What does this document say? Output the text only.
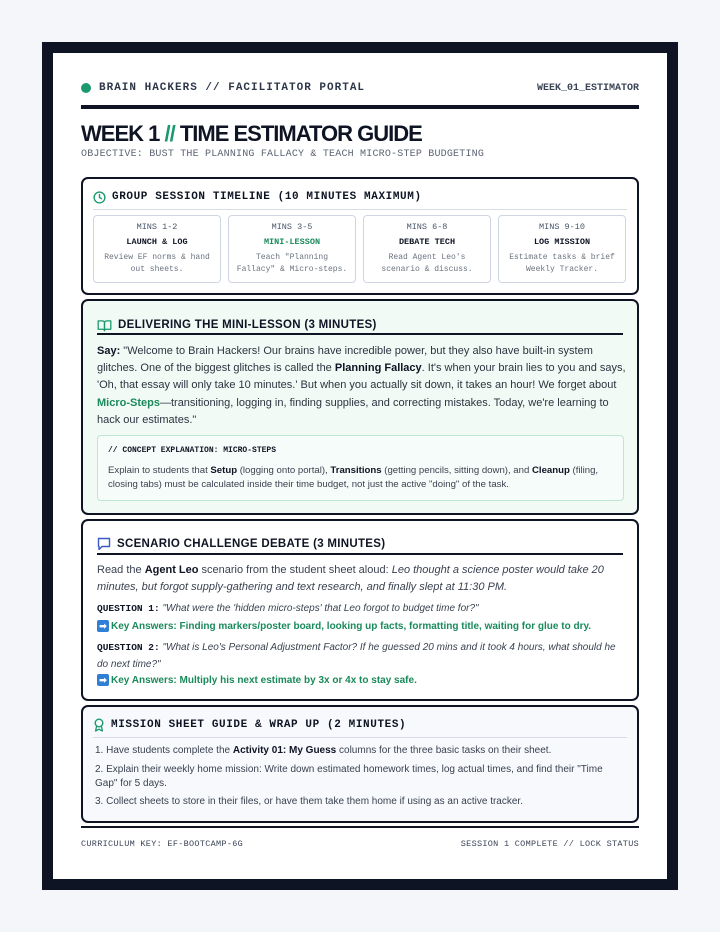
BRAIN HACKERS // FACILITATOR PORTAL	WEEK_01_ESTIMATOR
WEEK 1 // TIME ESTIMATOR GUIDE
OBJECTIVE: BUST THE PLANNING FALLACY & TEACH MICRO-STEP BUDGETING
GROUP SESSION TIMELINE (10 MINUTES MAXIMUM)
MINS 1-2
LAUNCH & LOG
Review EF norms & hand out sheets.
MINS 3-5
MINI-LESSON
Teach "Planning Fallacy" & Micro-steps.
MINS 6-8
DEBATE TECH
Read Agent Leo's scenario & discuss.
MINS 9-10
LOG MISSION
Estimate tasks & brief Weekly Tracker.
DELIVERING THE MINI-LESSON (3 MINUTES)
Say: "Welcome to Brain Hackers! Our brains have incredible power, but they also have built-in system glitches. One of the biggest glitches is called the Planning Fallacy. It's when your brain lies to you and says, 'Oh, that essay will only take 10 minutes.' But when you actually sit down, it takes an hour! We forget about Micro-Steps—transitioning, logging in, finding supplies, and correcting mistakes. Today, we're learning to hack our estimates."
// CONCEPT EXPLANATION: MICRO-STEPS
Explain to students that Setup (logging onto portal), Transitions (getting pencils, sitting down), and Cleanup (filing, closing tabs) must be calculated inside their time budget, not just the active "doing" of the task.
SCENARIO CHALLENGE DEBATE (3 MINUTES)
Read the Agent Leo scenario from the student sheet aloud: Leo thought a science poster would take 20 minutes, but forgot supply-gathering and text research, and finally slept at 11:30 PM.
QUESTION 1: "What were the 'hidden micro-steps' that Leo forgot to budget time for?"
➡ Key Answers: Finding markers/poster board, looking up facts, formatting title, waiting for glue to dry.
QUESTION 2: "What is Leo's Personal Adjustment Factor? If he guessed 20 mins and it took 4 hours, what should he do next time?"
➡ Key Answers: Multiply his next estimate by 3x or 4x to stay safe.
MISSION SHEET GUIDE & WRAP UP (2 MINUTES)
1. Have students complete the Activity 01: My Guess columns for the three basic tasks on their sheet.
2. Explain their weekly home mission: Write down estimated homework times, log actual times, and find their "Time Gap" for 5 days.
3. Collect sheets to store in their files, or have them take them home if using as an active tracker.
CURRICULUM KEY: EF-BOOTCAMP-6G	SESSION 1 COMPLETE // LOCK STATUS
